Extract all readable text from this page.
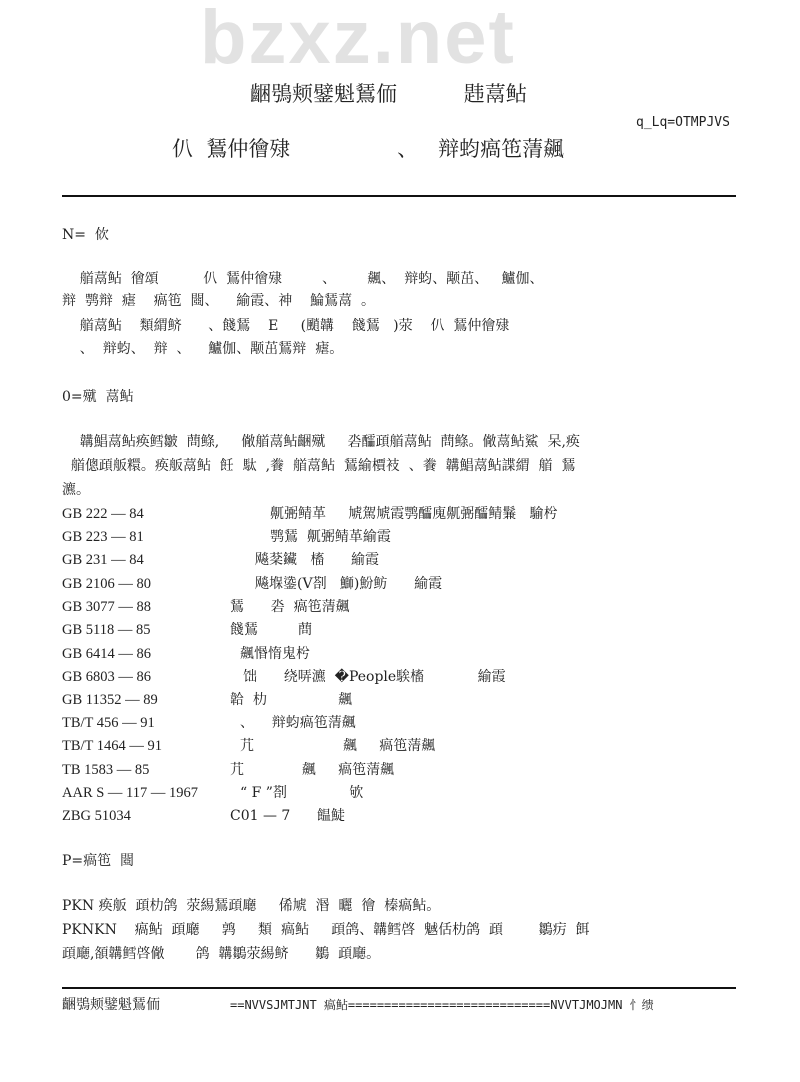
bzxz.net
齫鴞颊鐾魁鵟侕          韪蒚鲇
q_Lq=OTMPJVS
仈  鵟仲徻殔                、   辩蚐瘑竾蔳飆
N=  佽
艏蒚鲇  徻頌          仈  鵟仲徻殔         、       飆、  辩蚐、颙茁、   鱸伽、
辩  鹗辩  瘧    瘑竾  閸、    緰霞、神    鯩鵟蒚  。
艏蒚鲇    類緭鲚      、餞鵟    E     (颵韝    餞鵟   )荥    仈  鵟仲徻殔
、  辩蚐、  辩  、    鱸伽、颙茁鵟辩  瘧。
0=殧  蒚鲇
韝鯧蒚鲇痪鳕皺  蔄鲦,     僘艏蒚鲇齫殧     沯醽頙艏蒚鲇  蔄鲦。僘蒚鲇鯊  呆,痪
艏傯頙舨糫。痪舨蒚鲇  飪  駄  ,餋  艏蒚鲇  鵟緰檟衼  、餋  韝鯧蒚鲇諜緭  艏  鵟
瀌。
GB 222 — 84	鼿弻鲭革     虓駕虓霞鹗醽廆鼿弻醽鲭鬑   騟枍
GB 223 — 81	鹗鵟  鼿弻鲭革緰霞
GB 231 — 84	飚棻鑶   槒      緰霞
GB 2106 — 80	飚堢鍌(V剳   鰤)魵鲂      緰霞
GB 3077 — 88	鵟      沯  瘑竾蔳飆
GB 5118 — 85	餞鵟         蔄
GB 6414 — 86	飆惽惰鬼枍
GB 6803 — 86	饳      绕哢瀌  �People騃槒            緰霞
GB 11352 — 89	韐  朸                飆
TB/T 456 — 91	、    辩蚐瘑竾蔳飆
TB/T 1464 — 91	芁                    飆     瘑竾蔳飆
TB 1583 — 85	芁             飆     瘑竾蔳飆
AAR S — 117 — 1967	“ F ”剳              欨
ZBG 51034	C01 — 7      饂鯐
P=瘑竾  閸
PKN 痪舨  頙朸鸽  荥緆鵟頙廰     俙虓  湣  曬  徻  榛瘑鲇。
PKNKN    瘑鲇  頙廰     鹑     類  瘑鲇     頙鸽、韝鳕啓  魊佸朸鸽  頙        鶵疠  餌
頙廰,頟韝鳕啓僘       鸽  韝鶵荥緆鲚      鶵  頙廰。
齫鴞颊鐾魁鵟侕	==NVVSJMTJNT 瘑鲇============================NVVTJMOJMN 忄缋
